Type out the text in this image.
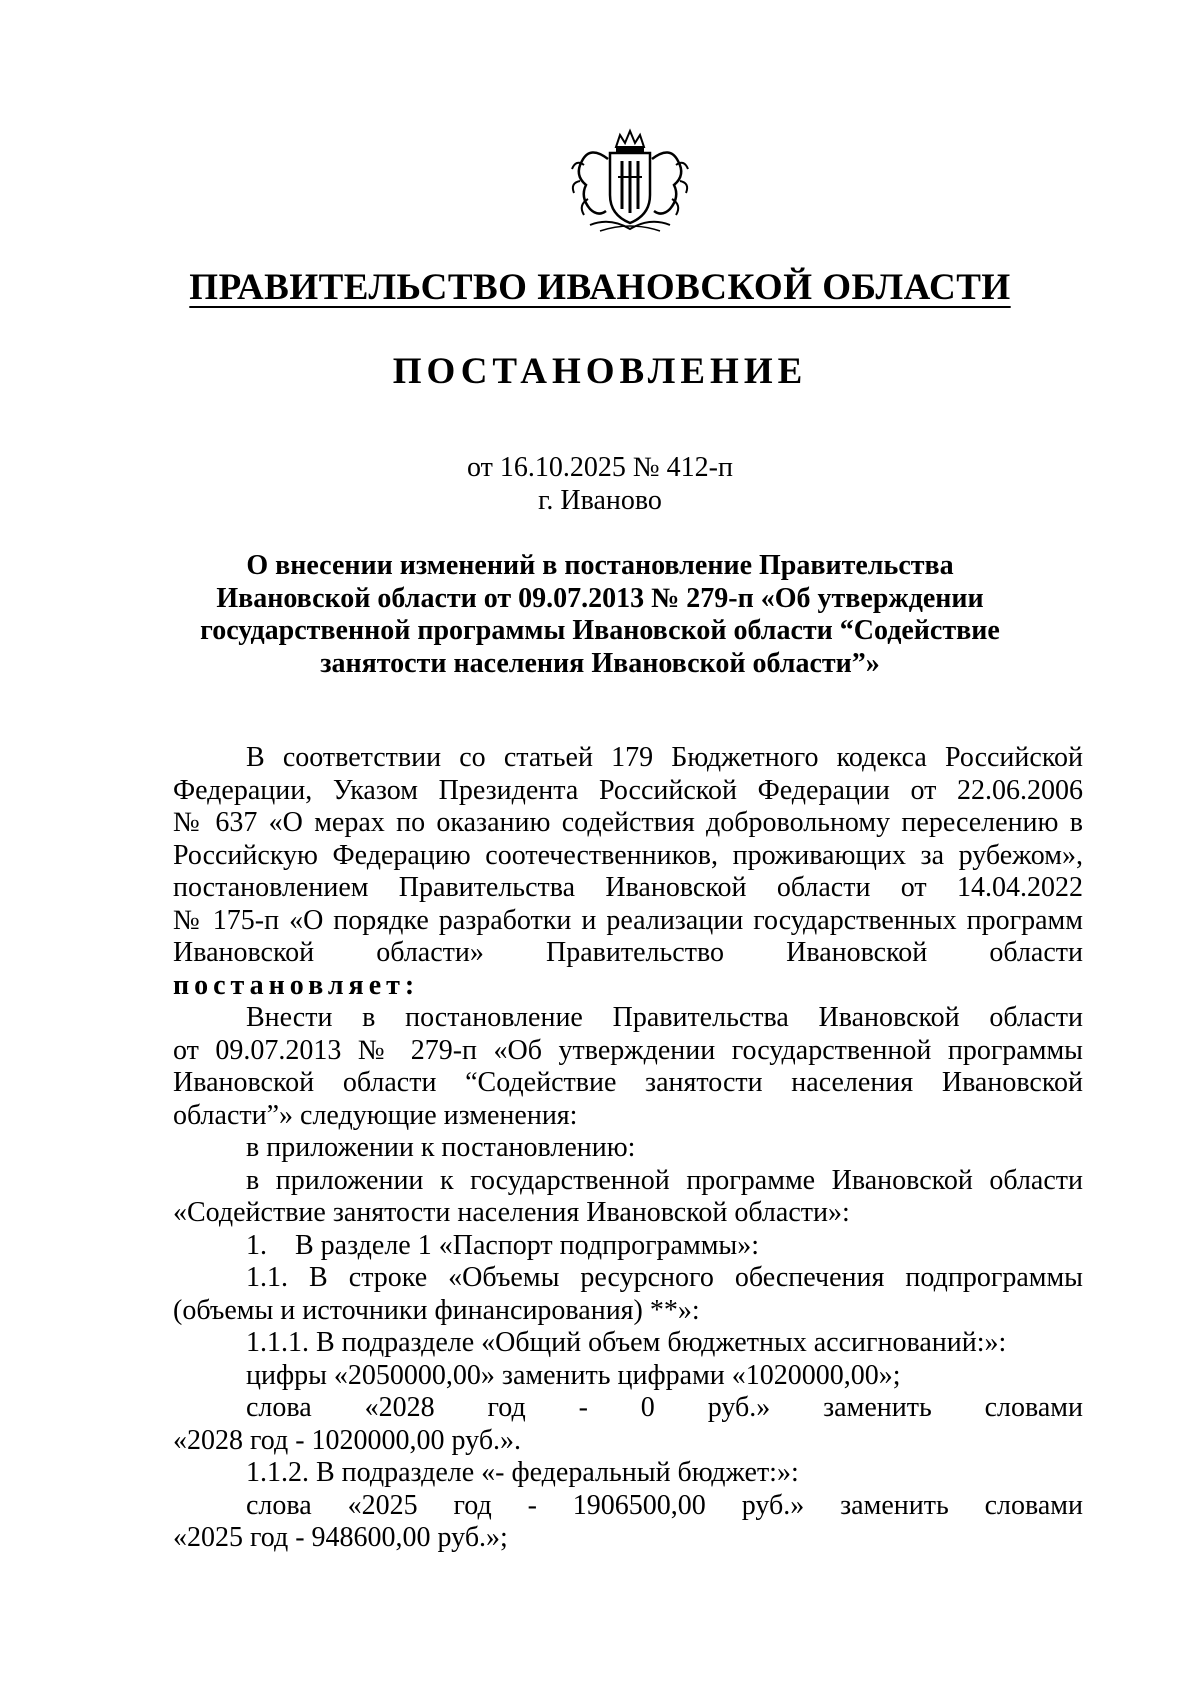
ПРАВИТЕЛЬСТВО ИВАНОВСКОЙ ОБЛАСТИ
ПОСТАНОВЛЕНИЕ
от 16.10.2025 № 412-п
г. Иваново
О внесении изменений в постановление Правительства
Ивановской области от 09.07.2013 № 279-п «Об утверждении
государственной программы Ивановской области “Содействие
занятости населения Ивановской области”»
В соответствии со статьей 179 Бюджетного кодекса Российской
Федерации, Указом Президента Российской Федерации от 22.06.2006
№ 637 «О мерах по оказанию содействия добровольному переселению в
Российскую Федерацию соотечественников, проживающих за рубежом»,
постановлением Правительства Ивановской области от 14.04.2022
№ 175-п «О порядке разработки и реализации государственных программ
Ивановской области» Правительство Ивановской области
постановляет:
Внести в постановление Правительства Ивановской области
от 09.07.2013 № 279-п «Об утверждении государственной программы
Ивановской области “Содействие занятости населения Ивановской
области”» следующие изменения:
в приложении к постановлению:
в приложении к государственной программе Ивановской области
«Содействие занятости населения Ивановской области»:
1.    В разделе 1 «Паспорт подпрограммы»:
1.1. В строке «Объемы ресурсного обеспечения подпрограммы
(объемы и источники финансирования) **»:
1.1.1. В подразделе «Общий объем бюджетных ассигнований:»:
цифры «2050000,00» заменить цифрами «1020000,00»;
слова «2028 год - 0 руб.» заменить словами
«2028 год - 1020000,00 руб.».
1.1.2. В подразделе «- федеральный бюджет:»:
слова «2025 год - 1906500,00 руб.» заменить словами
«2025 год - 948600,00 руб.»;
